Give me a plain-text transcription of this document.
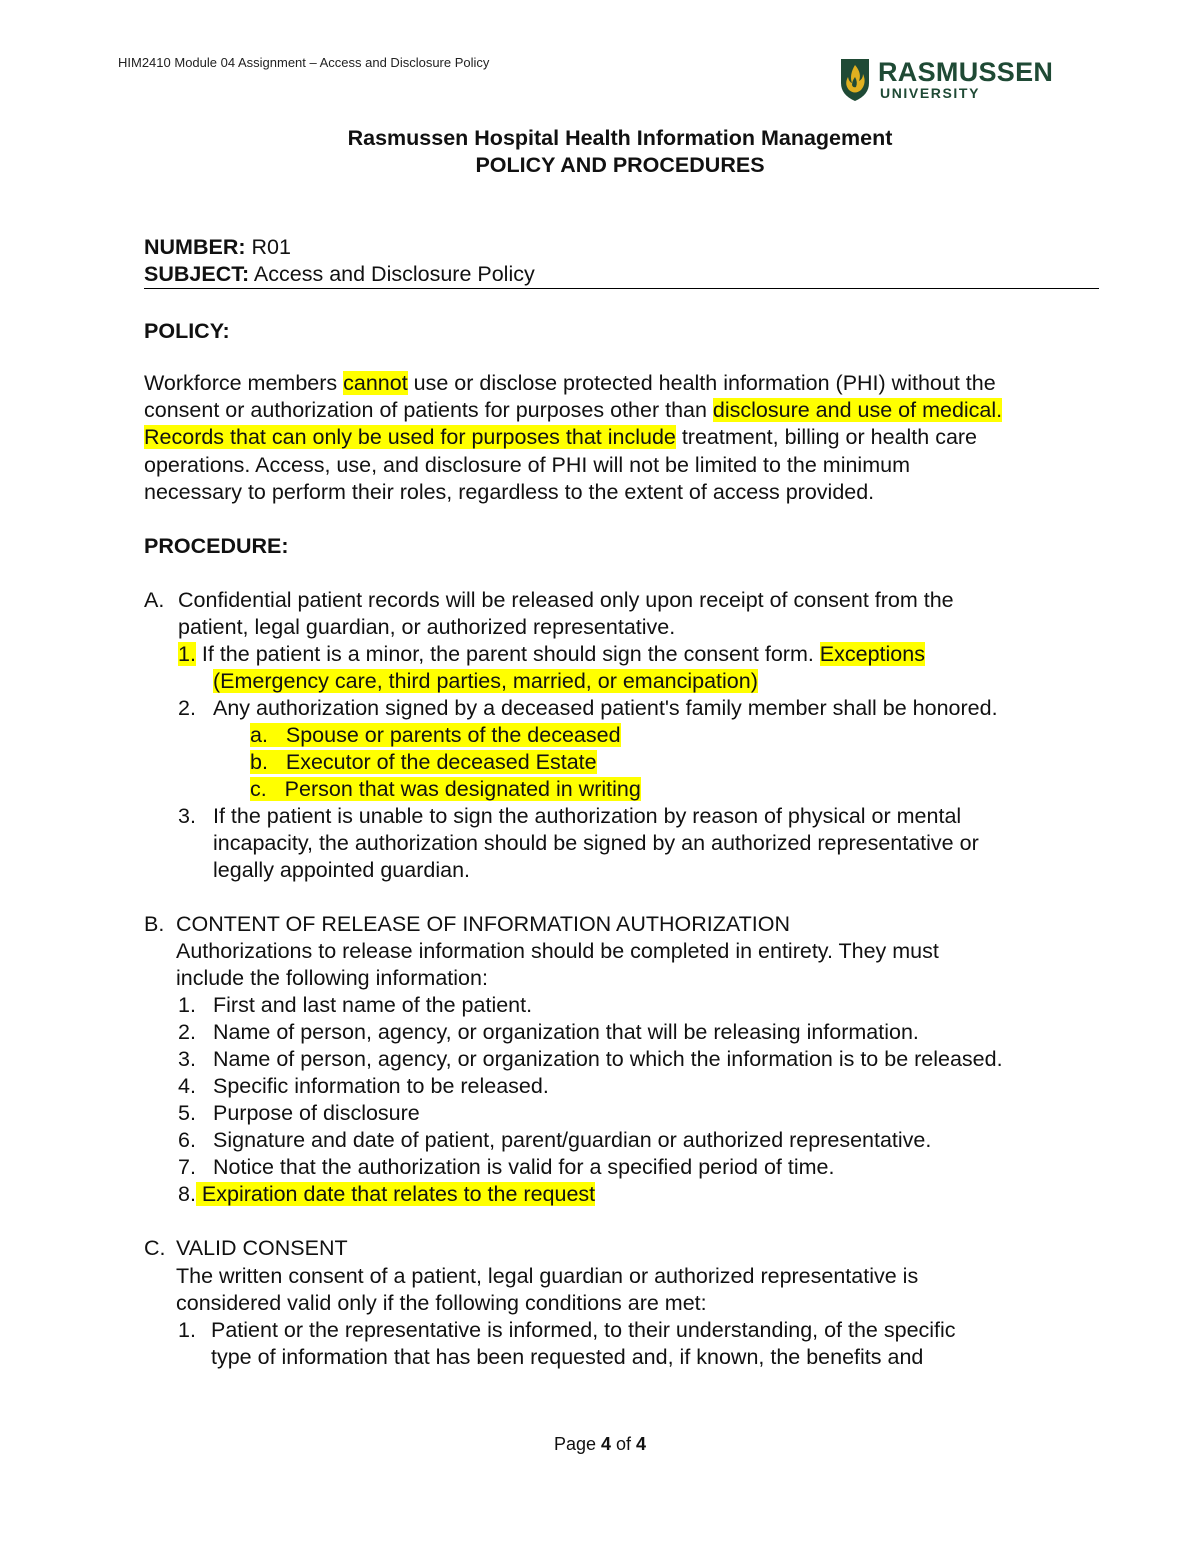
HIM2410 Module 04 Assignment – Access and Disclosure Policy	RASMUSSEN
UNIVERSITY

Rasmussen Hospital Health Information Management

POLICY AND PROCEDURES

NUMBER: R01

SUBJECT: Access and Disclosure Policy

POLICY:

Workforce members cannot use or disclose protected health information (PHI) without the

consent or authorization of patients for purposes other than disclosure and use of medical.

Records that can only be used for purposes that include treatment, billing or health care

operations. Access, use, and disclosure of PHI will not be limited to the minimum

necessary to perform their roles, regardless to the extent of access provided.

PROCEDURE:

A. Confidential patient records will be released only upon receipt of consent from the

patient, legal guardian, or authorized representative.

1. If the patient is a minor, the parent should sign the consent form. Exceptions

(Emergency care, third parties, married, or emancipation)

2. Any authorization signed by a deceased patient's family member shall be honored.

a. Spouse or parents of the deceased

b. Executor of the deceased Estate

c. Person that was designated in writing

3. If the patient is unable to sign the authorization by reason of physical or mental

incapacity, the authorization should be signed by an authorized representative or

legally appointed guardian.

B. CONTENT OF RELEASE OF INFORMATION AUTHORIZATION

Authorizations to release information should be completed in entirety. They must

include the following information:

1. First and last name of the patient.

2. Name of person, agency, or organization that will be releasing information.

3. Name of person, agency, or organization to which the information is to be released.

4. Specific information to be released.

5. Purpose of disclosure

6. Signature and date of patient, parent/guardian or authorized representative.

7. Notice that the authorization is valid for a specified period of time.

8. Expiration date that relates to the request

C. VALID CONSENT

The written consent of a patient, legal guardian or authorized representative is

considered valid only if the following conditions are met:

1. Patient or the representative is informed, to their understanding, of the specific

type of information that has been requested and, if known, the benefits and

Page 4 of 4
